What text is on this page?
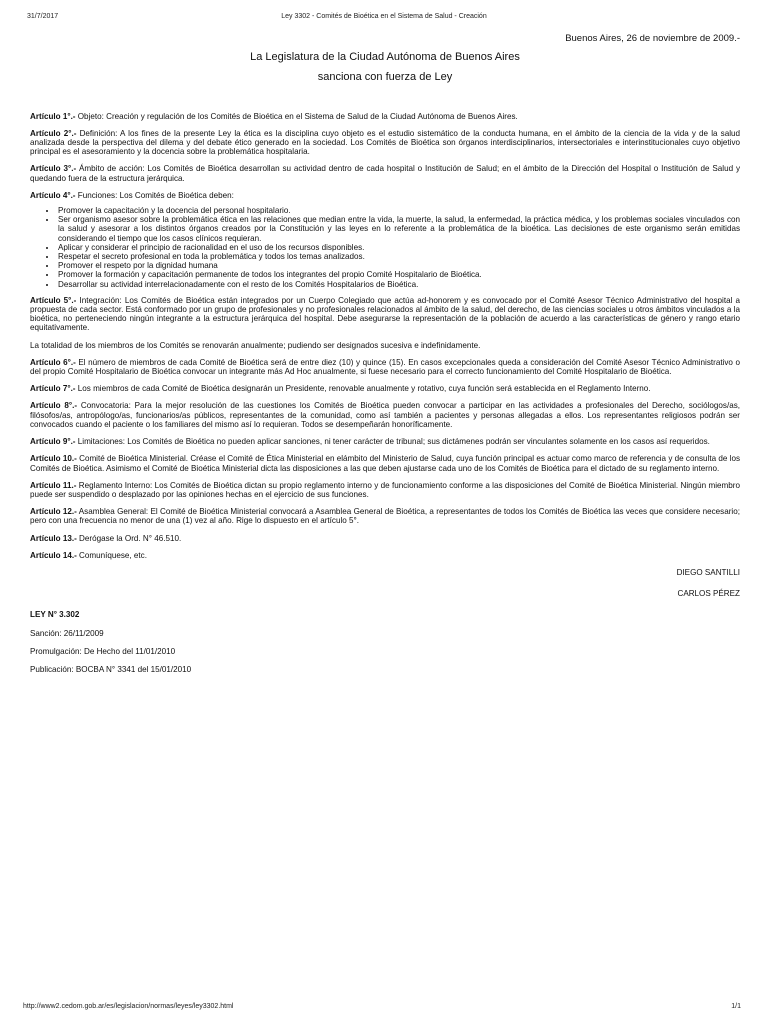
31/7/2017	Ley 3302 - Comités de Bioética en el Sistema de Salud - Creación
Buenos Aires, 26 de noviembre de 2009.-
La Legislatura de la Ciudad Autónoma de Buenos Aires
sanciona con fuerza de Ley

Artículo 1°.- Objeto: Creación y regulación de los Comités de Bioética en el Sistema de Salud de la Ciudad Autónoma de Buenos Aires.

Artículo 2°.- Definición: A los fines de la presente Ley la ética es la disciplina cuyo objeto es el estudio sistemático de la conducta humana, en el ámbito de la ciencia de la vida y de la salud analizada desde la perspectiva del dilema y del debate ético generado en la sociedad. Los Comités de Bioética son órganos interdisciplinarios, intersectoriales e interinstitucionales cuyo objetivo principal es el asesoramiento y la docencia sobre la problemática hospitalaria.

Artículo 3°.- Ámbito de acción: Los Comités de Bioética desarrollan su actividad dentro de cada hospital o Institución de Salud; en el ámbito de la Dirección del Hospital o Institución de Salud y quedando fuera de la estructura jerárquica.

Artículo 4°.- Funciones: Los Comités de Bioética deben:

• Promover la capacitación y la docencia del personal hospitalario.
• Ser organismo asesor sobre la problemática ética en las relaciones que median entre la vida, la muerte, la salud, la enfermedad, la práctica médica, y los problemas sociales vinculados con la salud y asesorar a los distintos órganos creados por la Constitución y las leyes en lo referente a la problemática de la bioética. Las decisiones de este organismo serán emitidas considerando el tiempo que los casos clínicos requieran.
• Aplicar y considerar el principio de racionalidad en el uso de los recursos disponibles.
• Respetar el secreto profesional en toda la problemática y todos los temas analizados.
• Promover el respeto por la dignidad humana
• Promover la formación y capacitación permanente de todos los integrantes del propio Comité Hospitalario de Bioética.
• Desarrollar su actividad interrelacionadamente con el resto de los Comités Hospitalarios de Bioética.

Artículo 5°.- Integración: Los Comités de Bioética están integrados por un Cuerpo Colegiado que actúa ad-honorem y es convocado por el Comité Asesor Técnico Administrativo del hospital a propuesta de cada sector. Está conformado por un grupo de profesionales y no profesionales relacionados al ámbito de la salud, del derecho, de las ciencias sociales u otros ámbitos vinculados a la bioética, no perteneciendo ningún integrante a la estructura jerárquica del hospital. Debe asegurarse la representación de la población de acuerdo a las características de género y rango etario equitativamente.

La totalidad de los miembros de los Comités se renovarán anualmente; pudiendo ser designados sucesiva e indefinidamente.

Artículo 6°.- El número de miembros de cada Comité de Bioética será de entre diez (10) y quince (15). En casos excepcionales queda a consideración del Comité Asesor Técnico Administrativo o del propio Comité Hospitalario de Bioética convocar un integrante más Ad Hoc anualmente, si fuese necesario para el correcto funcionamiento del Comité Hospitalario de Bioética.

Artículo 7°.- Los miembros de cada Comité de Bioética designarán un Presidente, renovable anualmente y rotativo, cuya función será establecida en el Reglamento Interno.

Artículo 8°.- Convocatoria: Para la mejor resolución de las cuestiones los Comités de Bioética pueden convocar a participar en las actividades a profesionales del Derecho, sociólogos/as, filósofos/as, antropólogo/as, funcionarios/as públicos, representantes de la comunidad, como así también a pacientes y personas allegadas a ellos. Los representantes religiosos podrán ser convocados cuando el paciente o los familiares del mismo así lo requieran. Todos se desempeñarán honoríficamente.

Artículo 9°.- Limitaciones: Los Comités de Bioética no pueden aplicar sanciones, ni tener carácter de tribunal; sus dictámenes podrán ser vinculantes solamente en los casos así requeridos.

Artículo 10.- Comité de Bioética Ministerial. Créase el Comité de Ética Ministerial en elámbito del Ministerio de Salud, cuya función principal es actuar como marco de referencia y de consulta de los Comités de Bioética. Asimismo el Comité de Bioética Ministerial dicta las disposiciones a las que deben ajustarse cada uno de los Comités de Bioética para el dictado de su reglamento interno.

Artículo 11.- Reglamento Interno: Los Comités de Bioética dictan su propio reglamento interno y de funcionamiento conforme a las disposiciones del Comité de Bioética Ministerial. Ningún miembro puede ser suspendido o desplazado por las opiniones hechas en el ejercicio de sus funciones.

Artículo 12.- Asamblea General: El Comité de Bioética Ministerial convocará a Asamblea General de Bioética, a representantes de todos los Comités de Bioética las veces que considere necesario; pero con una frecuencia no menor de una (1) vez al año. Rige lo dispuesto en el artículo 5°.

Artículo 13.- Derógase la Ord. N° 46.510.

Artículo 14.- Comuníquese, etc.

DIEGO SANTILLI
CARLOS PÉREZ
LEY N° 3.302
Sanción: 26/11/2009
Promulgación: De Hecho del 11/01/2010
Publicación: BOCBA N° 3341 del 15/01/2010
http://www2.cedom.gob.ar/es/legislacion/normas/leyes/ley3302.html	1/1
